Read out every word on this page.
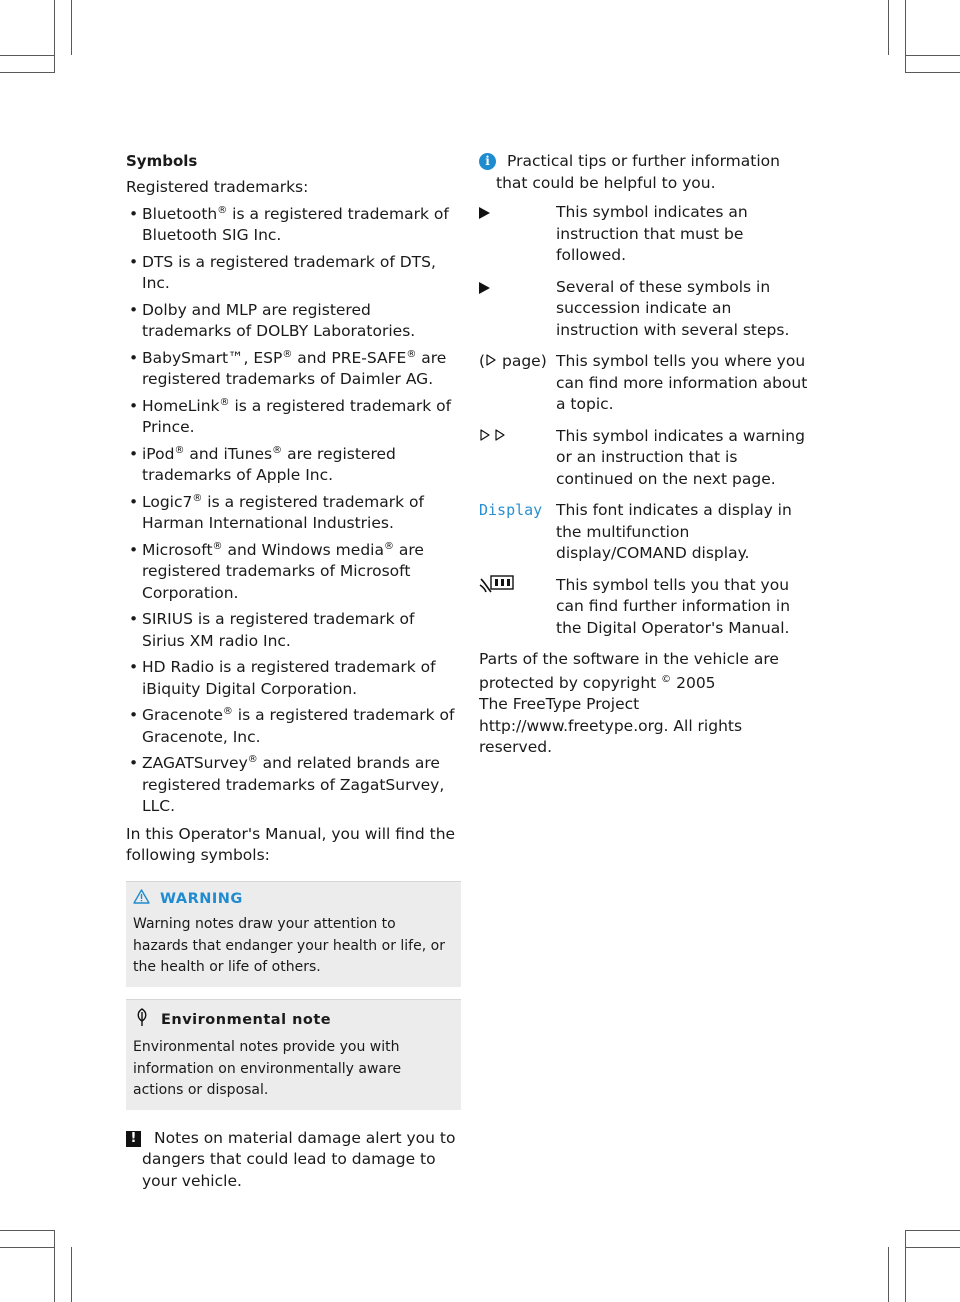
Symbols

Registered trademarks:

• Bluetooth® is a registered trademark of Bluetooth SIG Inc.
• DTS is a registered trademark of DTS, Inc.
• Dolby and MLP are registered trademarks of DOLBY Laboratories.
• BabySmart™, ESP® and PRE-SAFE® are registered trademarks of Daimler AG.
• HomeLink® is a registered trademark of Prince.
• iPod® and iTunes® are registered trademarks of Apple Inc.
• Logic7® is a registered trademark of Harman International Industries.
• Microsoft® and Windows media® are registered trademarks of Microsoft Corporation.
• SIRIUS is a registered trademark of Sirius XM radio Inc.
• HD Radio is a registered trademark of iBiquity Digital Corporation.
• Gracenote® is a registered trademark of Gracenote, Inc.
• ZAGATSurvey® and related brands are registered trademarks of ZagatSurvey, LLC.

In this Operator's Manual, you will find the following symbols:

WARNING

Warning notes draw your attention to hazards that endanger your health or life, or the health or life of others.

Environmental note

Environmental notes provide you with information on environmentally aware actions or disposal.

! Notes on material damage alert you to dangers that could lead to damage to your vehicle.
i	Practical tips or further information that could be helpful to you.
This symbol indicates an instruction that must be followed.
Several of these symbols in succession indicate an instruction with several steps.
( page) This symbol tells you where you can find more information about a topic.
This symbol indicates a warning or an instruction that is continued on the next page.
Display This font indicates a display in the multifunction display/COMAND display.
This symbol tells you that you can find further information in the Digital Operator's Manual.
Parts of the software in the vehicle are
protected by copyright © 2005
The FreeType Project
http://www.freetype.org. All rights reserved.
